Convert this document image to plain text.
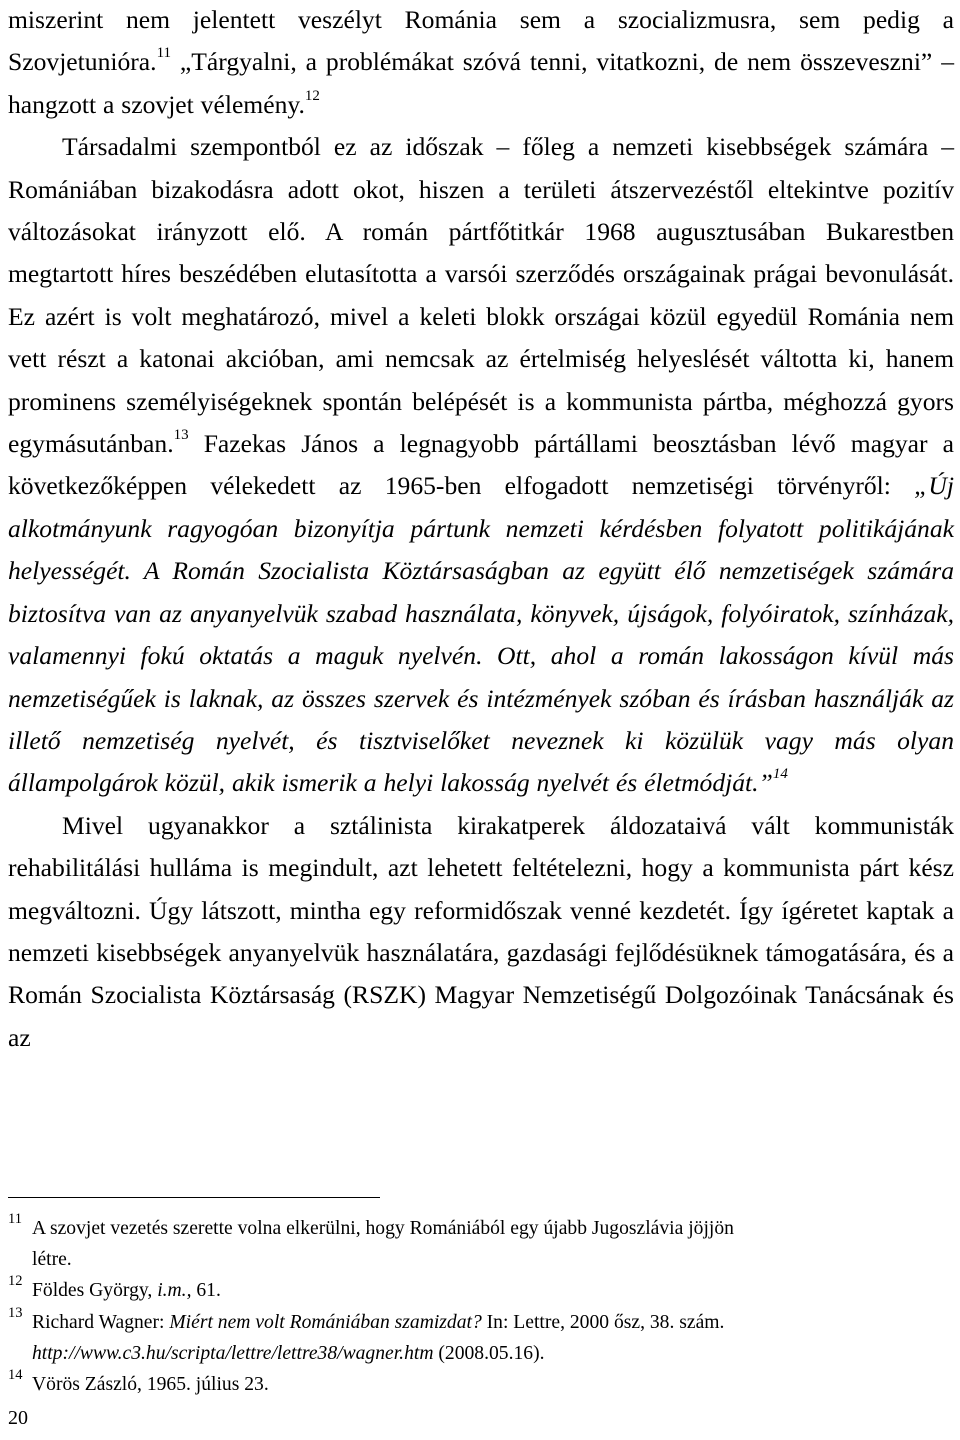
miszerint nem jelentett veszélyt Románia sem a szocializmusra, sem pedig a Szovjetunióra.$^{11}$ „Tárgyalni, a problémákat szóvá tenni, vitatkozni, de nem összeveszni” – hangzott a szovjet vélemény.$^{12}$

Társadalmi szempontból ez az időszak – főleg a nemzeti kisebbségek számára – Romániában bizakodásra adott okot, hiszen a területi átszervezéstől eltekintve pozitív változásokat irányzott elő. A román pártfőtitkár 1968 augusztusában Bukarestben megtartott híres beszédében elutasította a varsói szerződés országainak prágai bevonulását. Ez azért is volt meghatározó, mivel a keleti blokk országai közül egyedül Románia nem vett részt a katonai akcióban, ami nemcsak az értelmiség helyeslését váltotta ki, hanem prominens személyiségeknek spontán belépését is a kommunista pártba, méghozzá gyors egymásutánban.$^{13}$ Fazekas János a legnagyobb pártállami beosztásban lévő magyar a következőképpen vélekedett az 1965-ben elfogadott nemzetiségi törvényről: „Új alkotmányunk ragyogóan bizonyítja pártunk nemzeti kérdésben folyatott politikájának helyességét. A Román Szocialista Köztársaságban az együtt élő nemzetiségek számára biztosítva van az anyanyelvük szabad használata, könyvek, újságok, folyóiratok, színházak, valamennyi fokú oktatás a maguk nyelvén. Ott, ahol a román lakosságon kívül más nemzetiségűek is laknak, az összes szervek és intézmények szóban és írásban használják az illető nemzetiség nyelvét, és tisztviselőket neveznek ki közülük vagy más olyan állampolgárok közül, akik ismerik a helyi lakosság nyelvét és életmódját.”$^{14}$

Mivel ugyanakkor a sztálinista kirakatperek áldozataivá vált kommunisták rehabilitálási hulláma is megindult, azt lehetett feltételezni, hogy a kommunista párt kész megváltozni. Úgy látszott, mintha egy reformidőszak venné kezdetét. Így ígéretet kaptak a nemzeti kisebbségek anyanyelvük használatára, gazdasági fejlődésüknek támogatására, és a Román Szocialista Köztársaság (RSZK) Magyar Nemzetiségű Dolgozóinak Tanácsának és az

11 A szovjet vezetés szerette volna elkerülni, hogy Romániából egy újabb Jugoszlávia jöjjön
létre.
12 Földes György, i.m., 61.
13 Richard Wagner: Miért nem volt Romániában szamizdat? In: Lettre, 2000 ősz, 38. szám.
http://www.c3.hu/scripta/lettre/lettre38/wagner.htm (2008.05.16).
14 Vörös Zászló, 1965. július 23.
20
